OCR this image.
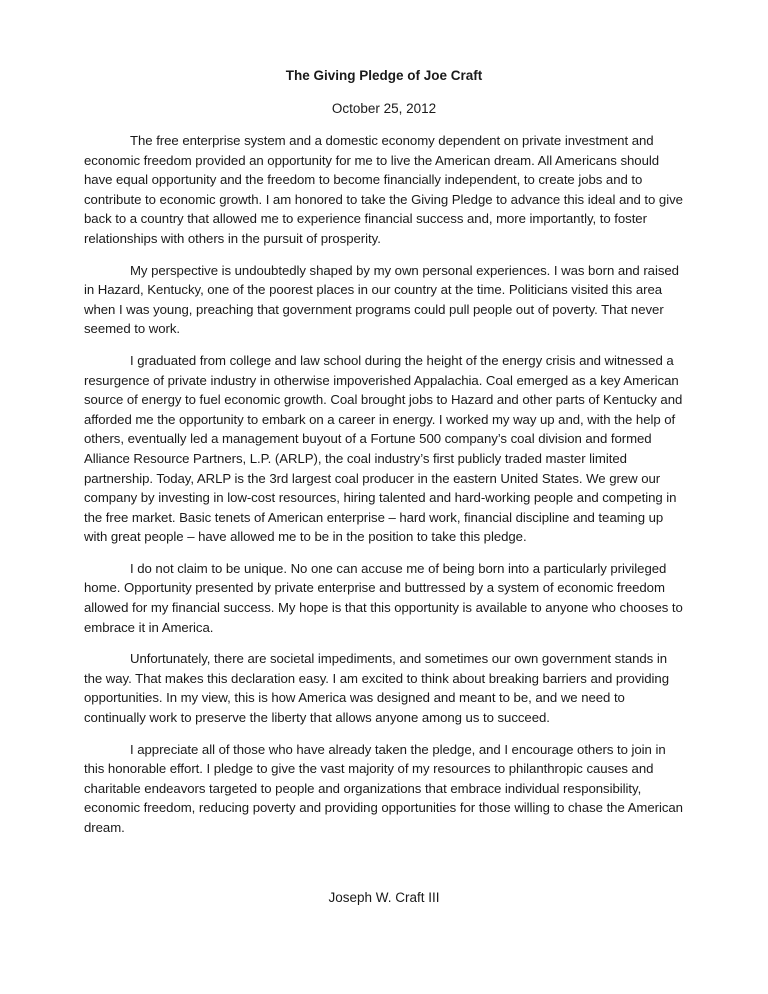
The Giving Pledge of Joe Craft
October 25, 2012

The free enterprise system and a domestic economy dependent on private investment and economic freedom provided an opportunity for me to live the American dream. All Americans should have equal opportunity and the freedom to become financially independent, to create jobs and to contribute to economic growth. I am honored to take the Giving Pledge to advance this ideal and to give back to a country that allowed me to experience financial success and, more importantly, to foster relationships with others in the pursuit of prosperity.

My perspective is undoubtedly shaped by my own personal experiences. I was born and raised in Hazard, Kentucky, one of the poorest places in our country at the time. Politicians visited this area when I was young, preaching that government programs could pull people out of poverty. That never seemed to work.

I graduated from college and law school during the height of the energy crisis and witnessed a resurgence of private industry in otherwise impoverished Appalachia. Coal emerged as a key American source of energy to fuel economic growth. Coal brought jobs to Hazard and other parts of Kentucky and afforded me the opportunity to embark on a career in energy. I worked my way up and, with the help of others, eventually led a management buyout of a Fortune 500 company’s coal division and formed Alliance Resource Partners, L.P. (ARLP), the coal industry’s first publicly traded master limited partnership. Today, ARLP is the 3rd largest coal producer in the eastern United States. We grew our company by investing in low-cost resources, hiring talented and hard-working people and competing in the free market. Basic tenets of American enterprise – hard work, financial discipline and teaming up with great people – have allowed me to be in the position to take this pledge.

I do not claim to be unique. No one can accuse me of being born into a particularly privileged home. Opportunity presented by private enterprise and buttressed by a system of economic freedom allowed for my financial success. My hope is that this opportunity is available to anyone who chooses to embrace it in America.

Unfortunately, there are societal impediments, and sometimes our own government stands in the way. That makes this declaration easy. I am excited to think about breaking barriers and providing opportunities. In my view, this is how America was designed and meant to be, and we need to continually work to preserve the liberty that allows anyone among us to succeed.

I appreciate all of those who have already taken the pledge, and I encourage others to join in this honorable effort. I pledge to give the vast majority of my resources to philanthropic causes and charitable endeavors targeted to people and organizations that embrace individual responsibility, economic freedom, reducing poverty and providing opportunities for those willing to chase the American dream.

Joseph W. Craft III
